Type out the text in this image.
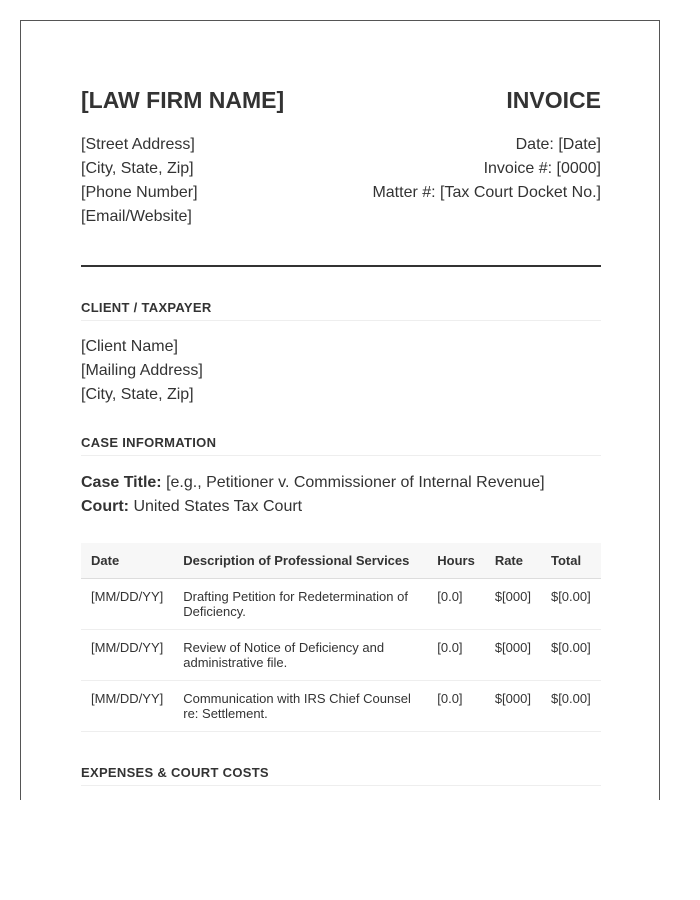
[LAW FIRM NAME]	INVOICE
[Street Address]
[City, State, Zip]
[Phone Number]
[Email/Website]
Date: [Date]
Invoice #: [0000]
Matter #: [Tax Court Docket No.]
CLIENT / TAXPAYER
[Client Name]
[Mailing Address]
[City, State, Zip]
CASE INFORMATION
Case Title: [e.g., Petitioner v. Commissioner of Internal Revenue]
Court: United States Tax Court
Date	Description of Professional Services	Hours	Rate	Total
[MM/DD/YY]	Drafting Petition for Redetermination of Deficiency.	[0.0]	$[000]	$[0.00]
[MM/DD/YY]	Review of Notice of Deficiency and administrative file.	[0.0]	$[000]	$[0.00]
[MM/DD/YY]	Communication with IRS Chief Counsel re: Settlement.	[0.0]	$[000]	$[0.00]
EXPENSES & COURT COSTS
